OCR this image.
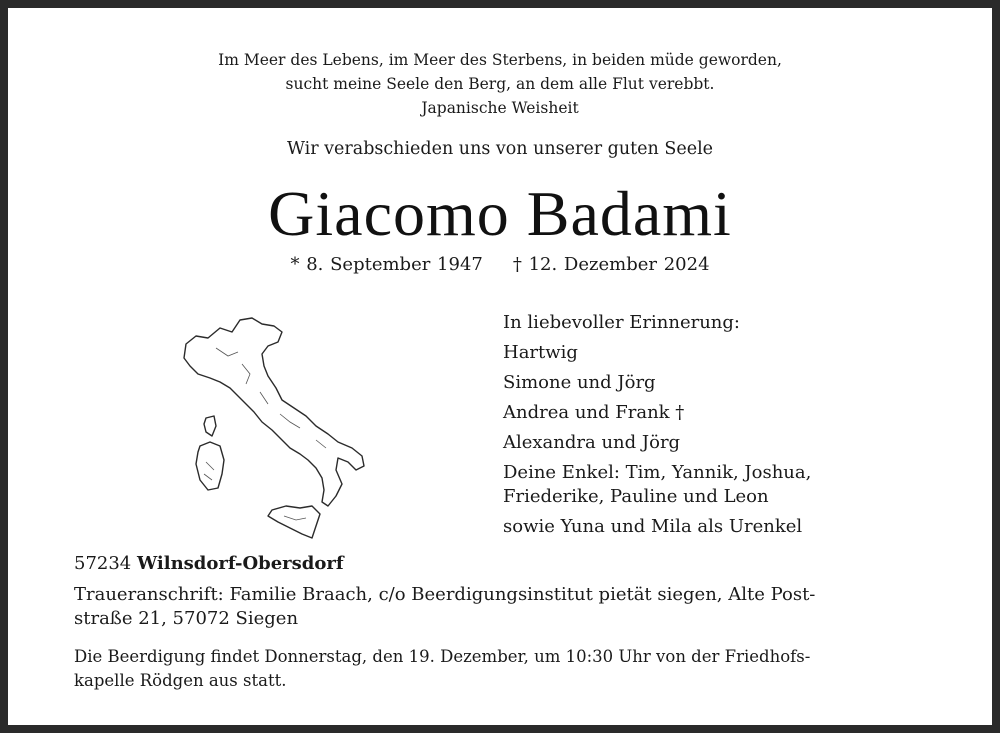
Im Meer des Lebens, im Meer des Sterbens, in beiden müde geworden,
sucht meine Seele den Berg, an dem alle Flut verebbt.
Japanische Weisheit
Wir verabschieden uns von unserer guten Seele
Giacomo Badami
* 8. September 1947 † 12. Dezember 2024
In liebevoller Erinnerung:
Hartwig
Simone und Jörg
Andrea und Frank †
Alexandra und Jörg
Deine Enkel: Tim, Yannik, Joshua,
Friederike, Pauline und Leon
sowie Yuna und Mila als Urenkel
57234 Wilnsdorf-Obersdorf
Traueranschrift: Familie Braach, c/o Beerdigungsinstitut pietät siegen, Alte Post-
straße 21, 57072 Siegen
Die Beerdigung findet Donnerstag, den 19. Dezember, um 10:30 Uhr von der Friedhofs-
kapelle Rödgen aus statt.
